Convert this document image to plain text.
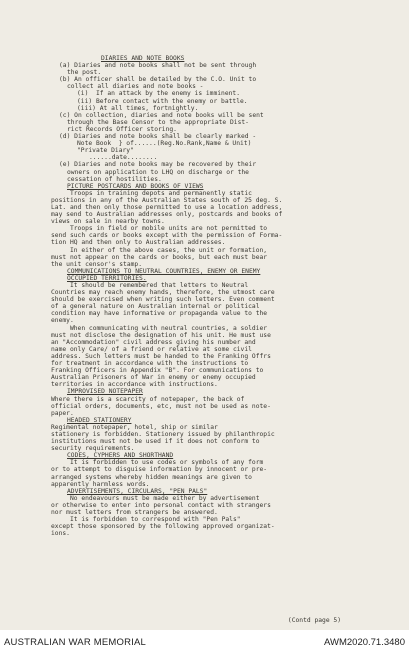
DIARIES AND NOTE BOOKS
(a) Diaries and note books shall not be sent through
the post.
(b) An officer shall be detailed by the C.O. Unit to
collect all diaries and note books -
(i)  If an attack by the enemy is imminent.
(ii) Before contact with the enemy or battle.
(iii) At all times, fortnightly.
(c) On collection, diaries and note books will be sent
through the Base Censor to the appropriate Dist-
rict Records Officer storing.
(d) Diaries and note books shall be clearly marked -
Note Book  } of......(Reg.No.Rank,Name & Unit)
"Private Diary"
......date........
(e) Diaries and note books may be recovered by their
owners on application to LHQ on discharge or the
cessation of hostilities.
PICTURE POSTCARDS AND BOOKS OF VIEWS
Troops in training depots and permanently static
positions in any of the Australian States south of 25 deg. S.
Lat. and then only those permitted to use a location address,
may send to Australian addresses only, postcards and books of
views on sale in nearby towns.
Troops in field or mobile units are not permitted to
send such cards or books except with the permission of Forma-
tion HQ and then only to Australian addresses.
In either of the above cases, the unit or formation,
must not appear on the cards or books, but each must bear
the unit censor's stamp.
COMMUNICATIONS TO NEUTRAL COUNTRIES, ENEMY OR ENEMY
OCCUPIED TERRITORIES.
It should be remembered that letters to Neutral
Countries may reach enemy hands, therefore, the utmost care
should be exercised when writing such letters. Even comment
of a general nature on Australian internal or political
condition may have informative or propaganda value to the
enemy.
When communicating with neutral countries, a soldier
must not disclose the designation of his unit. He must use
an "Accommodation" civil address giving his number and
name only Care/ of a friend or relative at some civil
address. Such letters must be handed to the Franking Offrs
for treatment in accordance with the instructions to
Franking Officers in Appendix "B". For communications to
Australian Prisoners of War in enemy or enemy occupied
territories in accordance with instructions.
IMPROVISED NOTEPAPER
Where there is a scarcity of notepaper, the back of
official orders, documents, etc, must not be used as note-
paper.
HEADED STATIONERY
Regimental notepaper, hotel, ship or similar
stationery is forbidden. Stationery issued by philanthropic
institutions must not be used if it does not conform to
security requirements.
CODES, CYPHERS AND SHORTHAND
It is forbidden to use codes or symbols of any form
or to attempt to disguise information by innocent or pre-
arranged systems whereby hidden meanings are given to
apparently harmless words.
ADVERTISEMENTS, CIRCULARS, "PEN PALS"
No endeavours must be made either by advertisement
or otherwise to enter into personal contact with strangers
nor must letters from strangers be answered.
It is forbidden to correspond with "Pen Pals"
except those sponsored by the following approved organizat-
ions.
(Contd page 5)
AUSTRALIAN WAR MEMORIAL	AWM2020.71.3480
